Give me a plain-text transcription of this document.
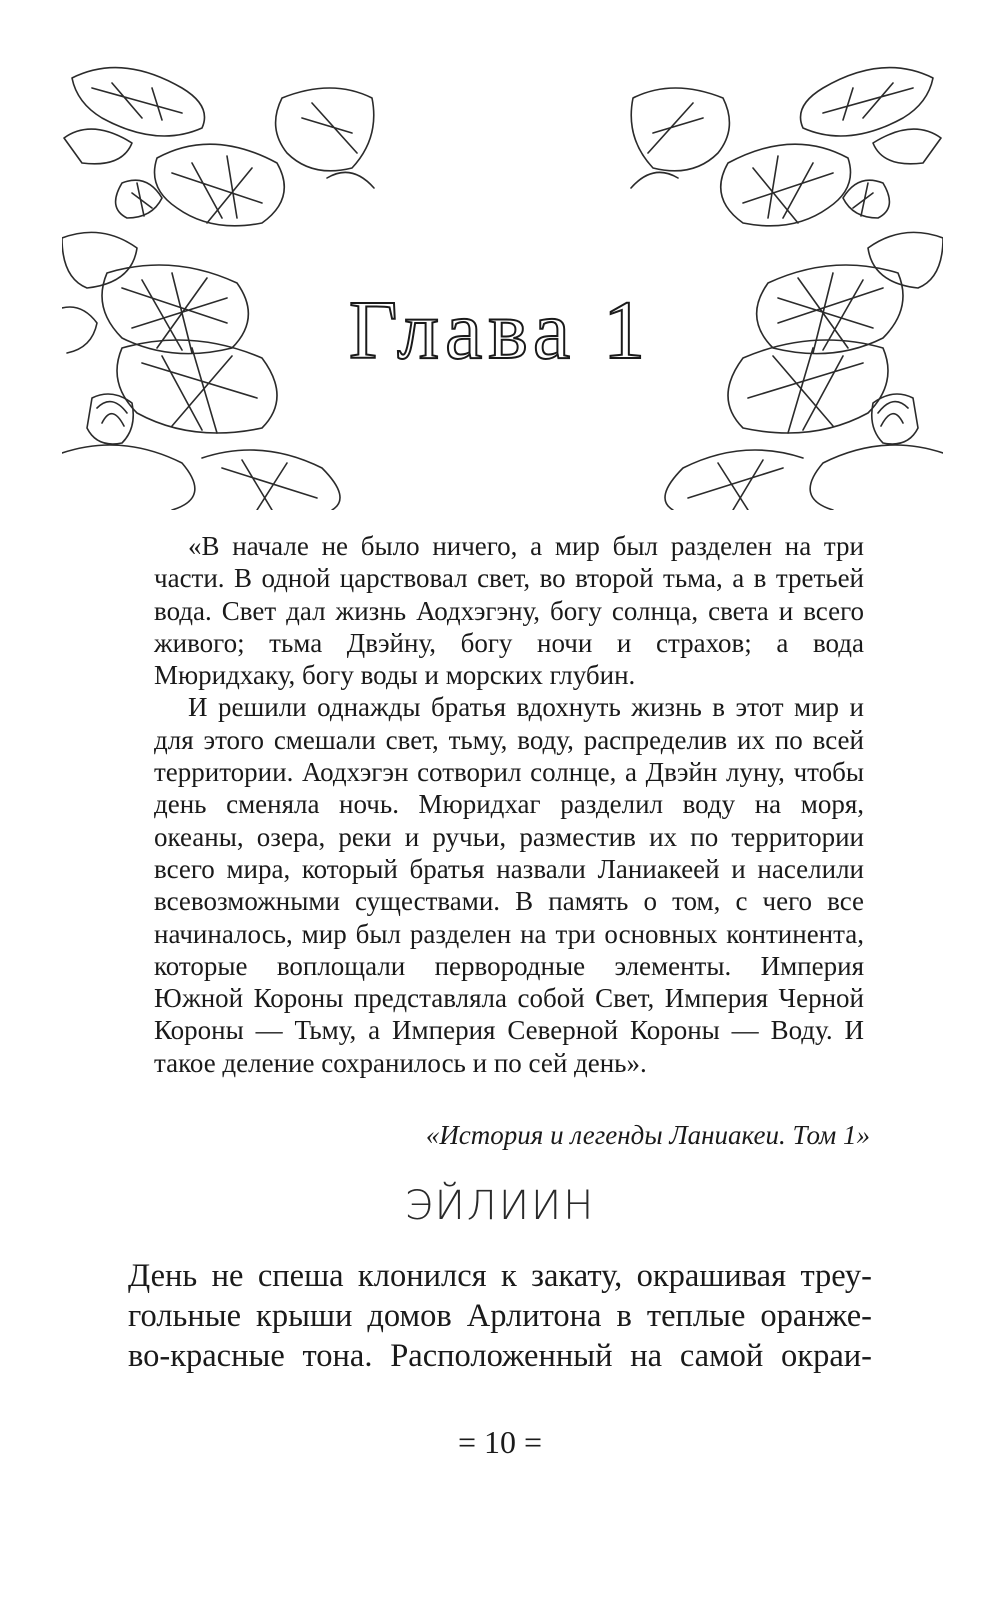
Глава 1

«В начале не было ничего, а мир был разделен на три части. В одной царствовал свет, во второй тьма, а в третьей вода. Свет дал жизнь Аодхэгэну, богу солнца, света и всего живого; тьма Двэйну, богу ночи и страхов; а вода Мюридхаку, богу воды и морских глубин.

И решили однажды братья вдохнуть жизнь в этот мир и для этого смешали свет, тьму, воду, распределив их по всей территории. Аодхэгэн сотворил солнце, а Двэйн луну, чтобы день сменяла ночь. Мюридхаг разделил воду на моря, океаны, озера, реки и ручьи, разместив их по территории всего мира, который братья назвали Ланиакеей и населили всевозможными существами. В память о том, с чего все начиналось, мир был разделен на три основных континента, которые воплощали первородные элементы. Империя Южной Короны представляла собой Свет, Империя Черной Короны — Тьму, а Империя Северной Короны — Воду. И такое деление сохранилось и по сей день».

«История и легенды Ланиакеи. Том 1»
ЭЙЛИИН
День не спеша клонился к закату, окрашивая треу-
гольные крыши домов Арлитона в теплые оранже-
во-красные тона. Расположенный на самой окраи-
= 10 =
